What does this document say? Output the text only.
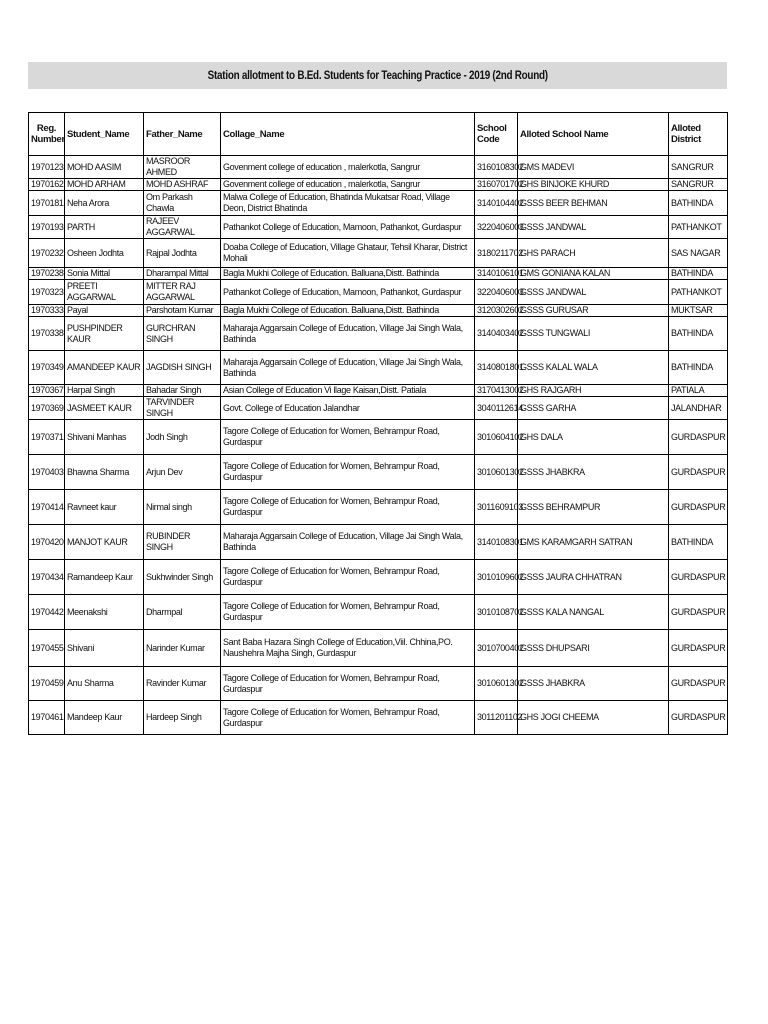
Station allotment to B.Ed. Students for Teaching Practice - 2019 (2nd Round)
Reg. Number	Student_Name	Father_Name	Collage_Name	School Code	Alloted School Name	Alloted District
1970123	MOHD AASIM	MASROOR AHMED	Govenment college of education , malerkotla, Sangrur	3160108302	GMS MADEVI	SANGRUR
1970162	MOHD ARHAM	MOHD ASHRAF	Govenment college of education , malerkotla, Sangrur	3160701702	GHS BINJOKE KHURD	SANGRUR
1970181	Neha Arora	Om Parkash Chawla	Malwa College of Education, Bhatinda Mukatsar Road, Village Deon, District Bhatinda	3140104402	GSSS BEER BEHMAN	BATHINDA
1970193	PARTH	RAJEEV AGGARWAL	Pathankot College of Education, Mamoon, Pathankot, Gurdaspur	3220406003	GSSS JANDWAL	PATHANKOT
1970232	Osheen Jodhta	Rajpal Jodhta	Doaba College of Education, Village Ghataur, Tehsil Kharar, District Mohali	3180211702	GHS PARACH	SAS NAGAR
1970238	Sonia Mittal	Dharampal Mittal	Bagla Mukhi College of Education. Balluana,Distt. Bathinda	3140106101	GMS GONIANA KALAN	BATHINDA
1970323	PREETI AGGARWAL	MITTER RAJ AGGARWAL	Pathankot College of Education, Mamoon, Pathankot, Gurdaspur	3220406003	GSSS JANDWAL	PATHANKOT
1970333	Payal	Parshotam Kumar	Bagla Mukhi College of Education. Balluana,Distt. Bathinda	3120302602	GSSS GURUSAR	MUKTSAR
1970338	PUSHPINDER KAUR	GURCHRAN SINGH	Maharaja Aggarsain College of Education, Village Jai Singh Wala, Bathinda	3140403402	GSSS TUNGWALI	BATHINDA
1970349	AMANDEEP KAUR	JAGDISH SINGH	Maharaja Aggarsain College of Education, Village Jai Singh Wala, Bathinda	3140801801	GSSS KALAL WALA	BATHINDA
1970367	Harpal Singh	Bahadar Singh	Asian College of Education Vi llage Kaisan,Distt. Patiala	3170413002	GHS RAJGARH	PATIALA
1970369	JASMEET KAUR	TARVINDER SINGH	Govt. College of Education Jalandhar	3040112614	GSSS GARHA	JALANDHAR
1970371	Shivani Manhas	Jodh Singh	Tagore College of Education for Women, Behrampur Road, Gurdaspur	3010604102	GHS DALA	GURDASPUR
1970403	Bhawna Sharma	Arjun Dev	Tagore College of Education for Women, Behrampur Road, Gurdaspur	3010601302	GSSS JHABKRA	GURDASPUR
1970414	Ravneet kaur	Nirmal singh	Tagore College of Education for Women, Behrampur Road, Gurdaspur	3011609103	GSSS BEHRAMPUR	GURDASPUR
1970420	MANJOT KAUR	RUBINDER SINGH	Maharaja Aggarsain College of Education, Village Jai Singh Wala, Bathinda	3140108301	GMS KARAMGARH SATRAN	BATHINDA
1970434	Ramandeep Kaur	Sukhwinder Singh	Tagore College of Education for Women, Behrampur Road, Gurdaspur	3010109602	GSSS JAURA CHHATRAN	GURDASPUR
1970442	Meenakshi	Dharmpal	Tagore College of Education for Women, Behrampur Road, Gurdaspur	3010108702	GSSS KALA NANGAL	GURDASPUR
1970455	Shivani	Narinder Kumar	Sant Baba Hazara Singh College of Education,Viil. Chhina,PO. Naushehra Majha Singh, Gurdaspur	3010700402	GSSS DHUPSARI	GURDASPUR
1970459	Anu Sharma	Ravinder Kumar	Tagore College of Education for Women, Behrampur Road, Gurdaspur	3010601302	GSSS JHABKRA	GURDASPUR
1970461	Mandeep Kaur	Hardeep Singh	Tagore College of Education for Women, Behrampur Road, Gurdaspur	3011201102	GHS JOGI CHEEMA	GURDASPUR
